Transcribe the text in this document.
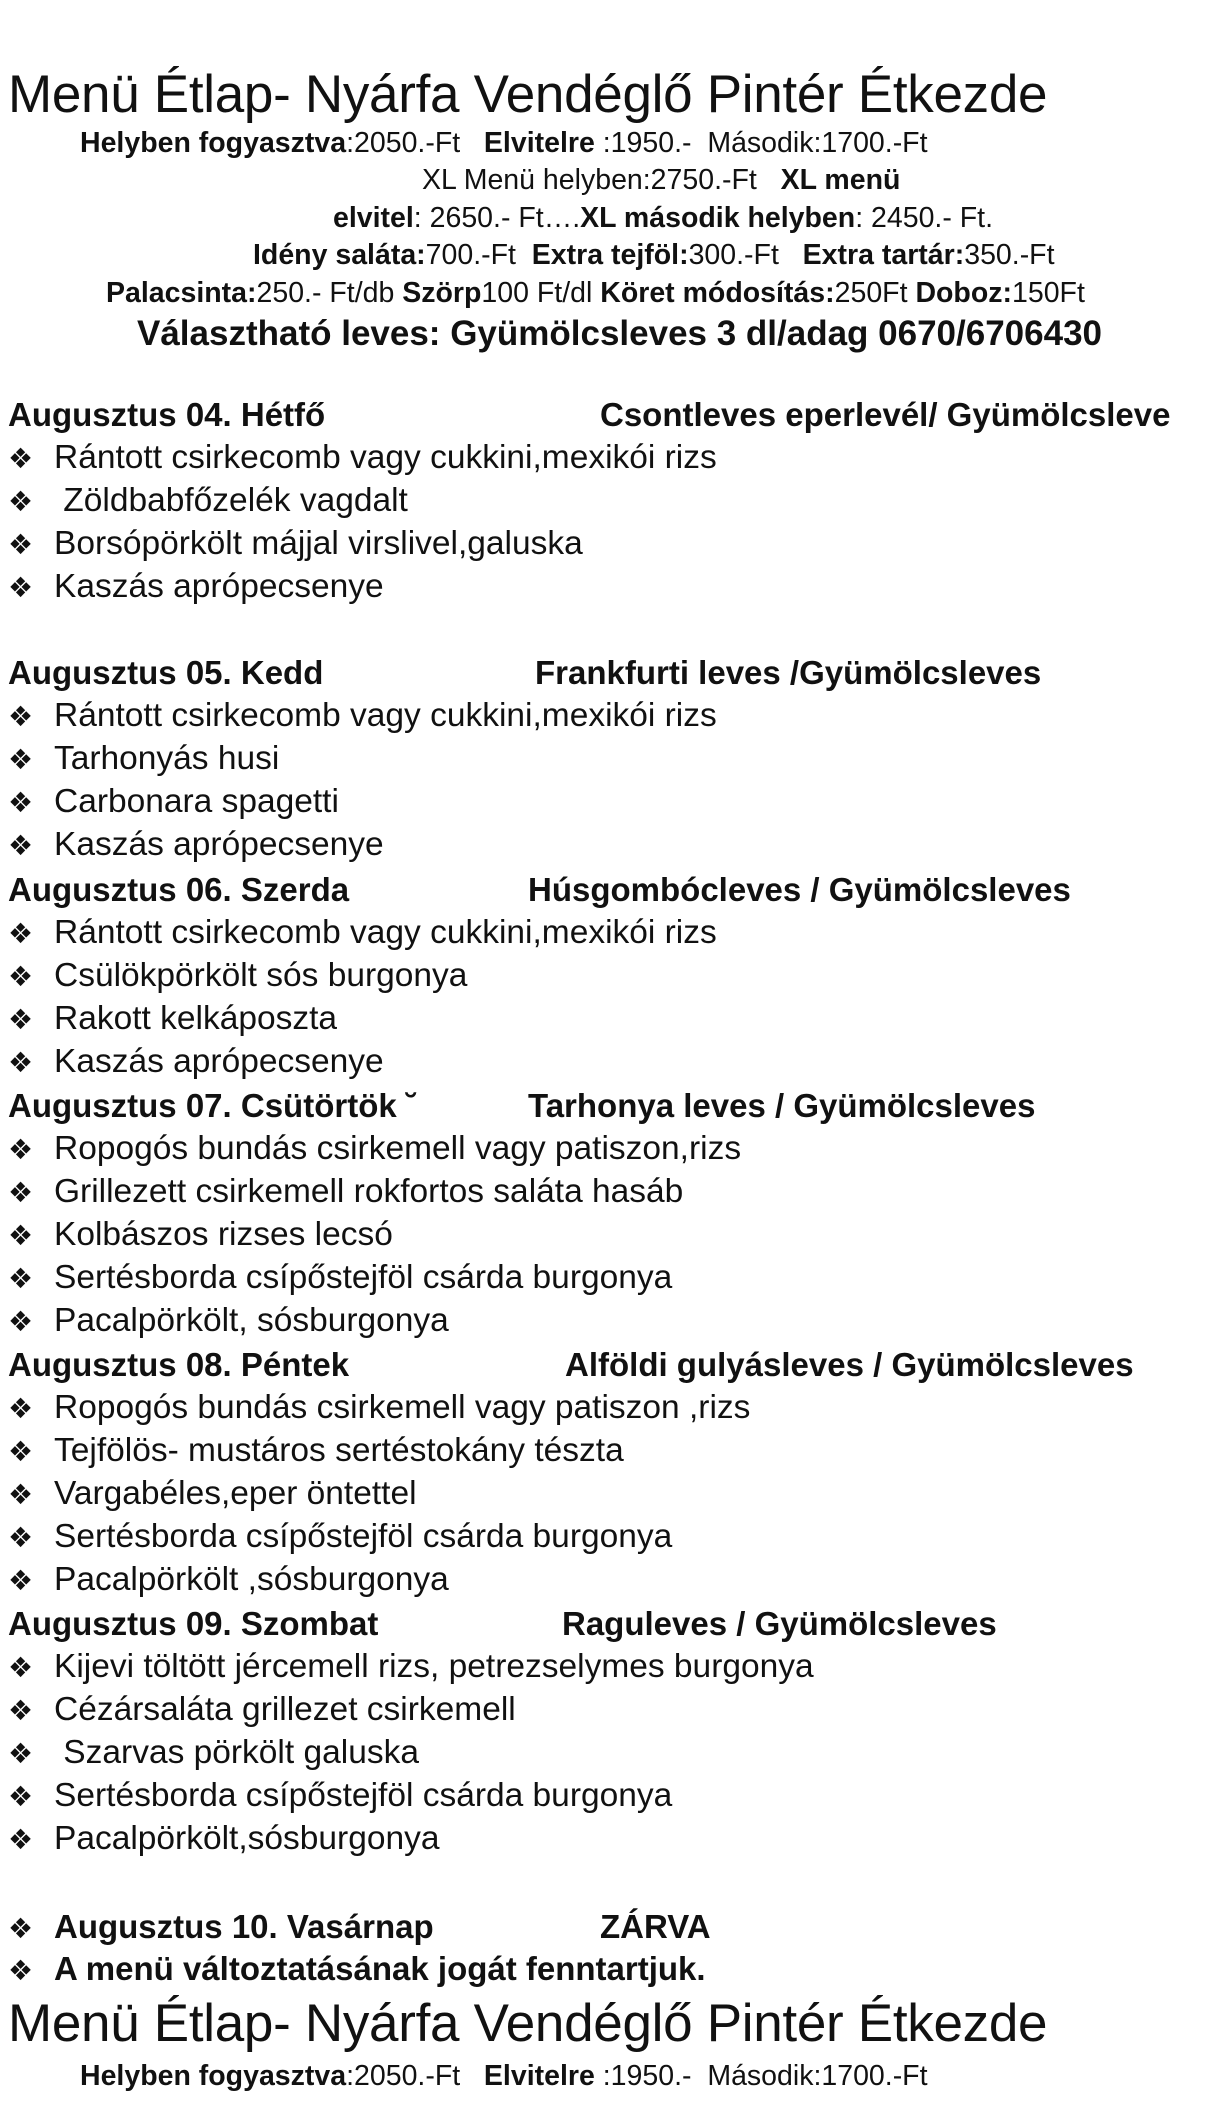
Menü Étlap- Nyárfa Vendéglő Pintér Étkezde
Helyben fogyasztva:2050.-Ft Elvitelre :1950.- Második:1700.-Ft
XL Menü helyben:2750.-Ft XL menü
elvitel: 2650.- Ft….XL második helyben: 2450.- Ft.
Idény saláta:700.-Ft Extra tejföl:300.-Ft Extra tartár:350.-Ft
Palacsinta:250.- Ft/db Szörp100 Ft/dl Köret módosítás:250Ft Doboz:150Ft
Választható leves: Gyümölcsleves 3 dl/adag 0670/6706430
Augusztus 04. Hétfő	Csontleves eperlevél/ Gyümölcsleve
❖ Rántott csirkecomb vagy cukkini,mexikói rizs
❖ Zöldbabfőzelék vagdalt
❖ Borsópörkölt májjal virslivel,galuska
❖ Kaszás aprópecsenye
Augusztus 05. Kedd	Frankfurti leves /Gyümölcsleves
❖ Rántott csirkecomb vagy cukkini,mexikói rizs
❖ Tarhonyás husi
❖ Carbonara spagetti
❖ Kaszás aprópecsenye
Augusztus 06. Szerda	Húsgombócleves / Gyümölcsleves
❖ Rántott csirkecomb vagy cukkini,mexikói rizs
❖ Csülökpörkölt sós burgonya
❖ Rakott kelkáposzta
❖ Kaszás aprópecsenye
Augusztus 07. Csütörtök ˘	Tarhonya leves / Gyümölcsleves
❖ Ropogós bundás csirkemell vagy patiszon,rizs
❖ Grillezett csirkemell rokfortos saláta hasáb
❖ Kolbászos rizses lecsó
❖ Sertésborda csípőstejföl csárda burgonya
❖ Pacalpörkölt, sósburgonya
Augusztus 08. Péntek	Alföldi gulyásleves / Gyümölcsleves
❖ Ropogós bundás csirkemell vagy patiszon ,rizs
❖ Tejfölös- mustáros sertéstokány tészta
❖ Vargabéles,eper öntettel
❖ Sertésborda csípőstejföl csárda burgonya
❖ Pacalpörkölt ,sósburgonya
Augusztus 09. Szombat	Raguleves / Gyümölcsleves
❖ Kijevi töltött jércemell rizs, petrezselymes burgonya
❖ Cézársaláta grillezet csirkemell
❖ Szarvas pörkölt galuska
❖ Sertésborda csípőstejföl csárda burgonya
❖ Pacalpörkölt,sósburgonya
❖ Augusztus 10. Vasárnap	ZÁRVA
❖ A menü változtatásának jogát fenntartjuk.
Menü Étlap- Nyárfa Vendéglő Pintér Étkezde
Helyben fogyasztva:2050.-Ft Elvitelre :1950.- Második:1700.-Ft
